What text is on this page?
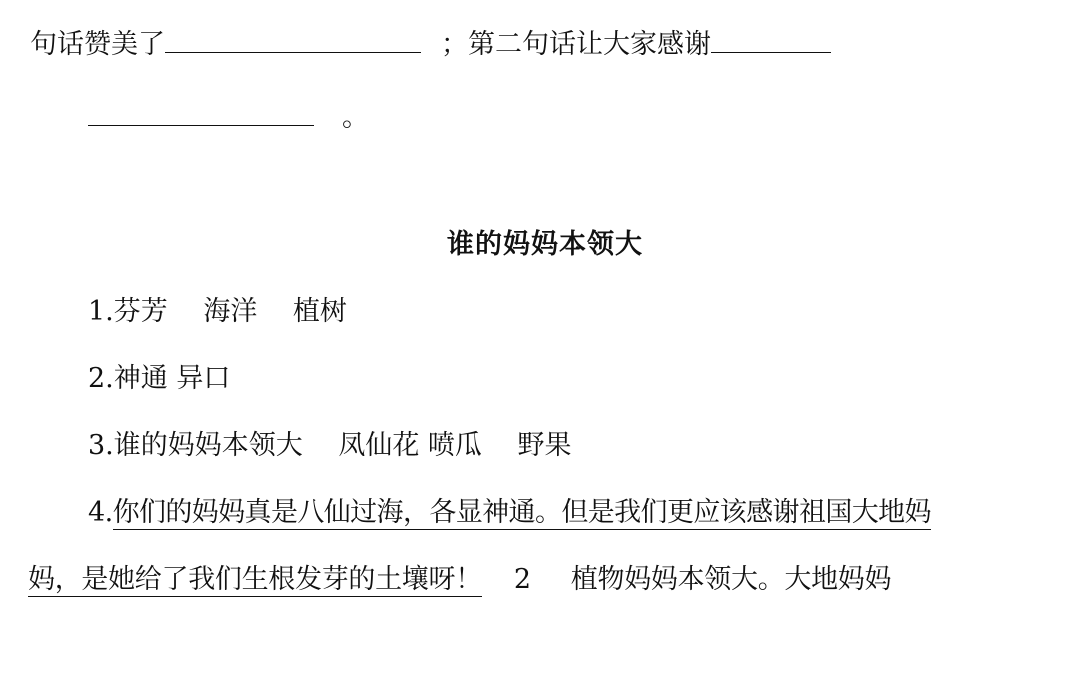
句话赞美了	；第二句话让大家感谢
。
谁的妈妈本领大
1.芬芳　 海洋　 植树
2.神通 异口
3.谁的妈妈本领大　 凤仙花 喷瓜　 野果
4.你们的妈妈真是八仙过海，各显神通。但是我们更应该感谢祖国大地妈
妈，是她给了我们生根发芽的土壤呀！ 2 植物妈妈本领大。大地妈妈
